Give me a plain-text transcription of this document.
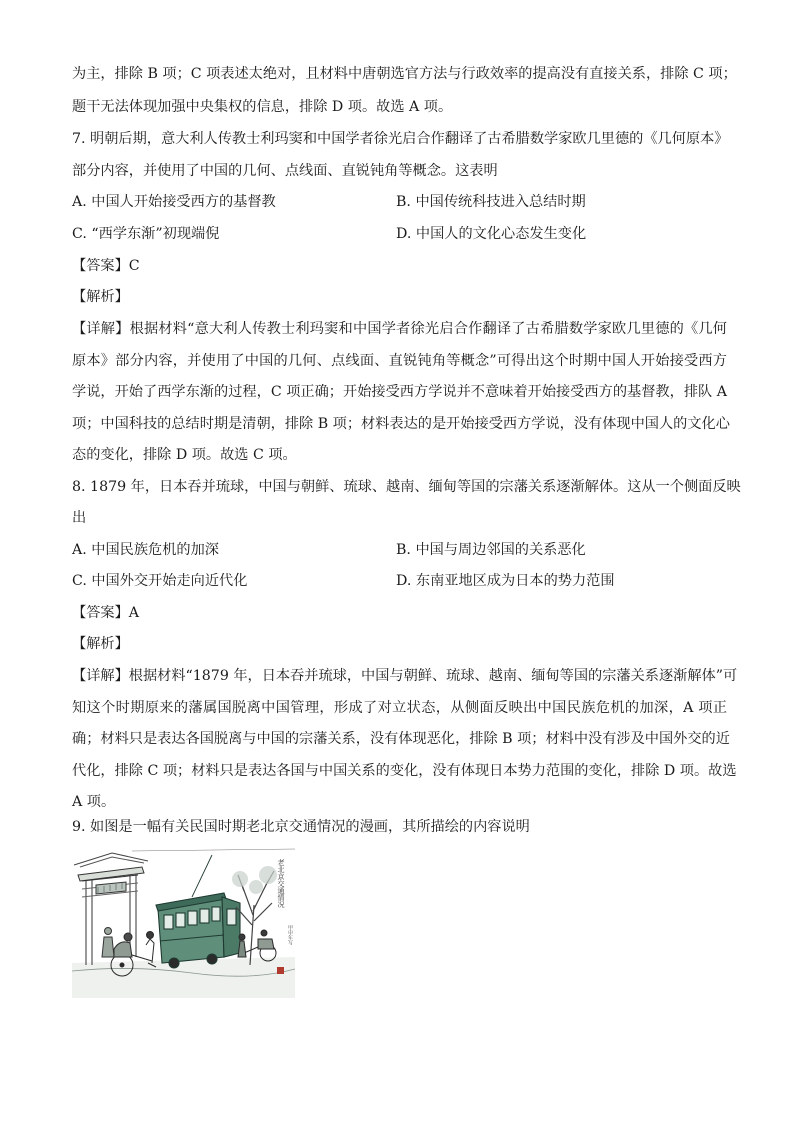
为主，排除 B 项；C 项表述太绝对，且材料中唐朝选官方法与行政效率的提高没有直接关系，排除 C 项；
题干无法体现加强中央集权的信息，排除 D 项。故选 A 项。
7. 明朝后期，意大利人传教士利玛窦和中国学者徐光启合作翻译了古希腊数学家欧几里德的《几何原本》
部分内容，并使用了中国的几何、点线面、直锐钝角等概念。这表明
A. 中国人开始接受西方的基督教	B. 中国传统科技进入总结时期
C. “西学东渐”初现端倪	D. 中国人的文化心态发生变化
【答案】C
【解析】
【详解】根据材料“意大利人传教士利玛窦和中国学者徐光启合作翻译了古希腊数学家欧几里德的《几何
原本》部分内容，并使用了中国的几何、点线面、直锐钝角等概念”可得出这个时期中国人开始接受西方
学说，开始了西学东渐的过程，C 项正确；开始接受西方学说并不意味着开始接受西方的基督教，排队 A
项；中国科技的总结时期是清朝，排除 B 项；材料表达的是开始接受西方学说，没有体现中国人的文化心
态的变化，排除 D 项。故选 C 项。
8. 1879 年，日本吞并琉球，中国与朝鲜、琉球、越南、缅甸等国的宗藩关系逐渐解体。这从一个侧面反映
出
A. 中国民族危机的加深	B. 中国与周边邻国的关系恶化
C. 中国外交开始走向近代化	D. 东南亚地区成为日本的势力范围
【答案】A
【解析】
【详解】根据材料“1879 年，日本吞并琉球，中国与朝鲜、琉球、越南、缅甸等国的宗藩关系逐渐解体”可
知这个时期原来的藩属国脱离中国管理，形成了对立状态，从侧面反映出中国民族危机的加深，A 项正
确；材料只是表达各国脱离与中国的宗藩关系，没有体现恶化，排除 B 项；材料中没有涉及中国外交的近
代化，排除 C 项；材料只是表达各国与中国关系的变化，没有体现日本势力范围的变化，排除 D 项。故选
A 项。
9. 如图是一幅有关民国时期老北京交通情况的漫画，其所描绘的内容说明
老北京交通情况
甲申年写
